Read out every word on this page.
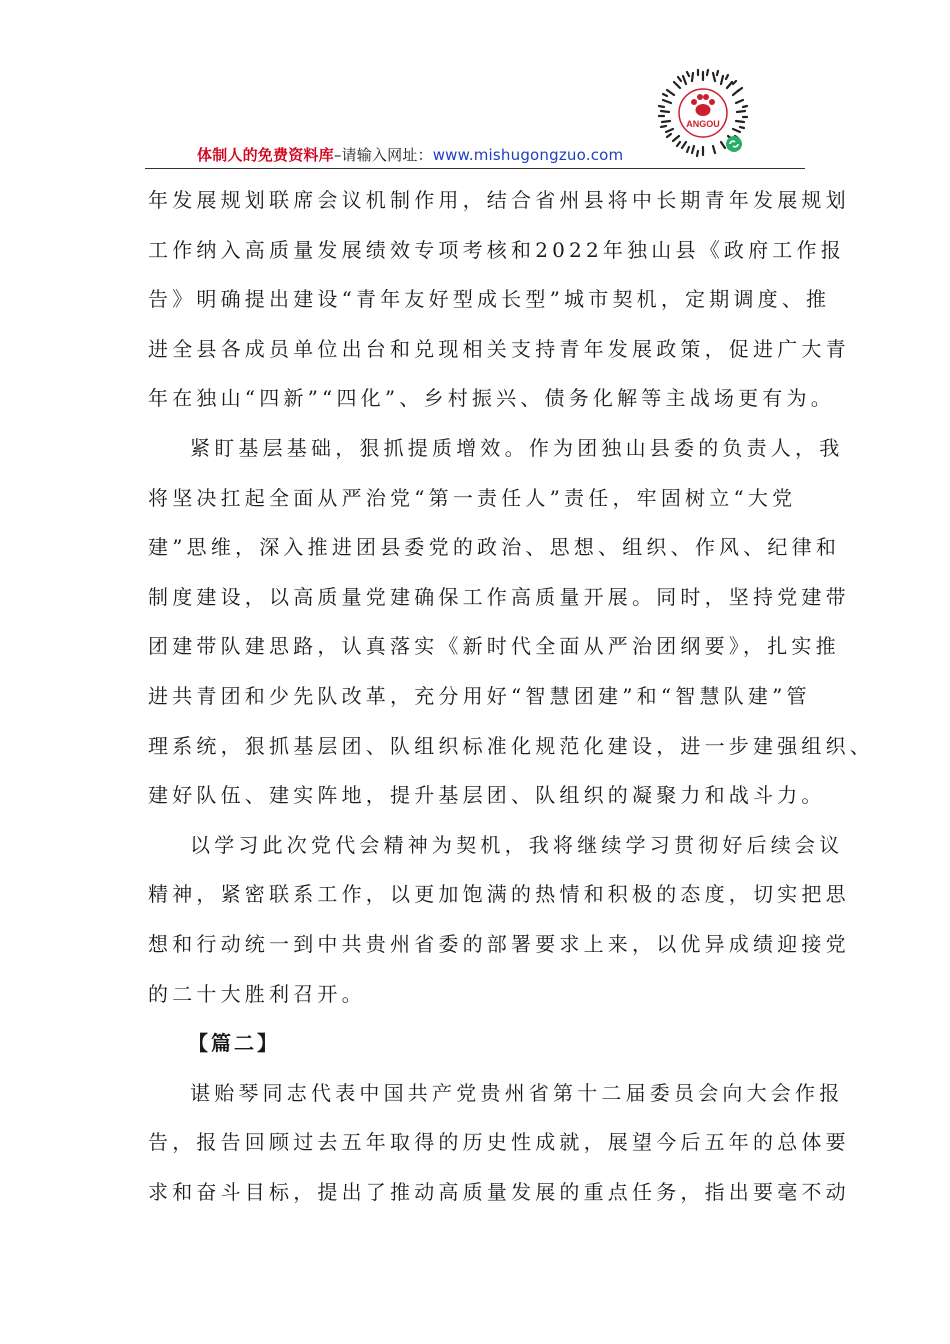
ANGOU
体制人的免费资料库–请输入网址：www.mishugongzuo.com
年发展规划联席会议机制作用，结合省州县将中长期青年发展规划
工作纳入高质量发展绩效专项考核和2022年独山县《政府工作报
告》明确提出建设“青年友好型成长型”城市契机，定期调度、推
进全县各成员单位出台和兑现相关支持青年发展政策，促进广大青
年在独山“四新”“四化”、乡村振兴、债务化解等主战场更有为。
紧盯基层基础，狠抓提质增效。作为团独山县委的负责人，我
将坚决扛起全面从严治党“第一责任人”责任，牢固树立“大党
建”思维，深入推进团县委党的政治、思想、组织、作风、纪律和
制度建设，以高质量党建确保工作高质量开展。同时，坚持党建带
团建带队建思路，认真落实《新时代全面从严治团纲要》，扎实推
进共青团和少先队改革，充分用好“智慧团建”和“智慧队建”管
理系统，狠抓基层团、队组织标准化规范化建设，进一步建强组织、
建好队伍、建实阵地，提升基层团、队组织的凝聚力和战斗力。
以学习此次党代会精神为契机，我将继续学习贯彻好后续会议
精神，紧密联系工作，以更加饱满的热情和积极的态度，切实把思
想和行动统一到中共贵州省委的部署要求上来，以优异成绩迎接党
的二十大胜利召开。
【篇二】
谌贻琴同志代表中国共产党贵州省第十二届委员会向大会作报
告，报告回顾过去五年取得的历史性成就，展望今后五年的总体要
求和奋斗目标，提出了推动高质量发展的重点任务，指出要毫不动
